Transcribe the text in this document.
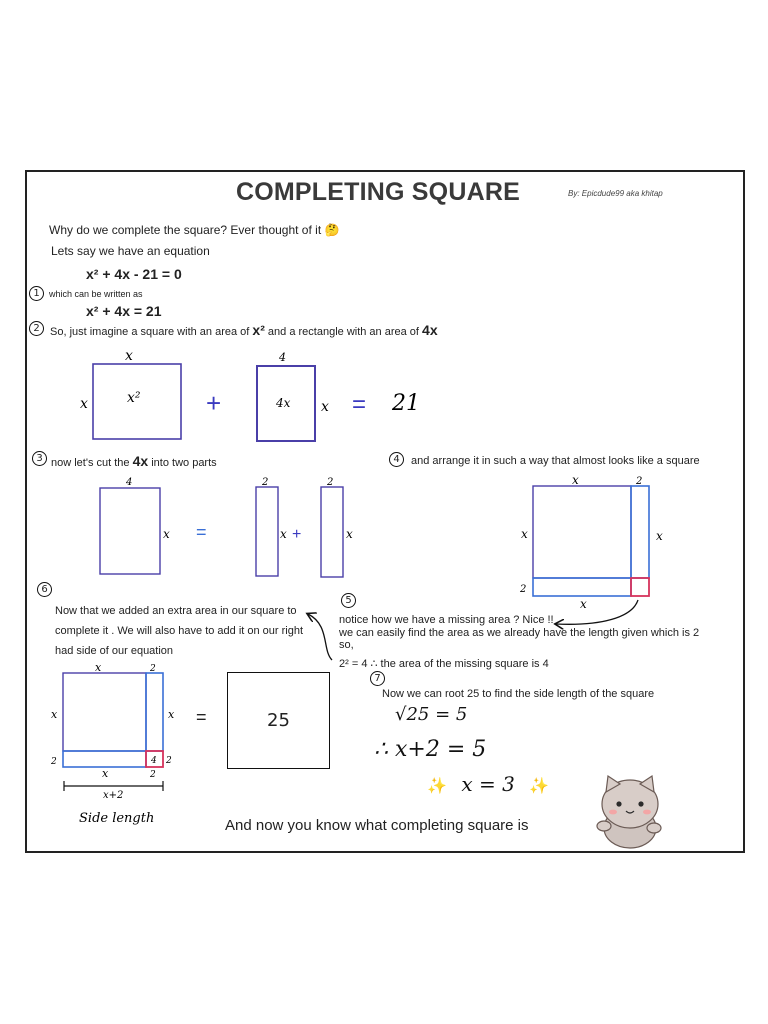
COMPLETING SQUARE	By: Epicdude99 aka khitap
Why do we complete the square? Ever thought of it 🤔
Lets say we have an equation
x² + 4x - 21 = 0
1	which can be written as
x² + 4x = 21
2 So, just imagine a square with an area of x² and a rectangle with an area of 4x
3 now let's cut the 4x into two parts	4	and arrange it in such a way that almost looks like a square
6
Now that we added an extra area in our square to
complete it . We will also have to add it on our right
had side of our equation
5
notice how we have a missing area ? Nice !!
we can easily find the area as we already have the length given which is 2
so,
2² = 4 ∴ the area of the missing square is 4
7
Now we can root 25 to find the side length of the square
√25 = 5
∴ x+2 = 5
✨ x = 3 ✨
25
And now you know what completing square is
x
x	x²	+
4
4x x = 21
4
x =
2
x +
2
x
x	2
x	x
2
x
4
x	2
x	x
2	2
x	2
x+2
Side length
=
